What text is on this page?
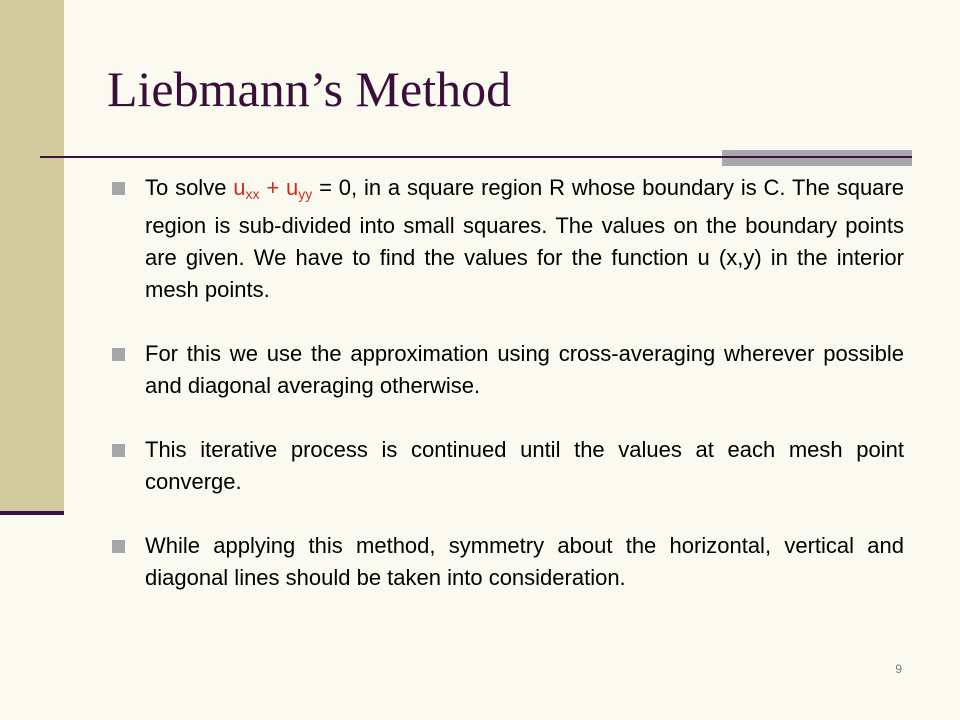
Liebmann’s Method
To solve $u_{xx} + u_{yy} = 0$, in a square region R whose boundary is C. The square region is sub-divided into small squares. The values on the boundary points are given. We have to find the values for the function u (x,y) in the interior mesh points.
For this we use the approximation using cross-averaging wherever possible and diagonal averaging otherwise.
This iterative process is continued until the values at each mesh point converge.
While applying this method, symmetry about the horizontal, vertical and diagonal lines should be taken into consideration.
9
